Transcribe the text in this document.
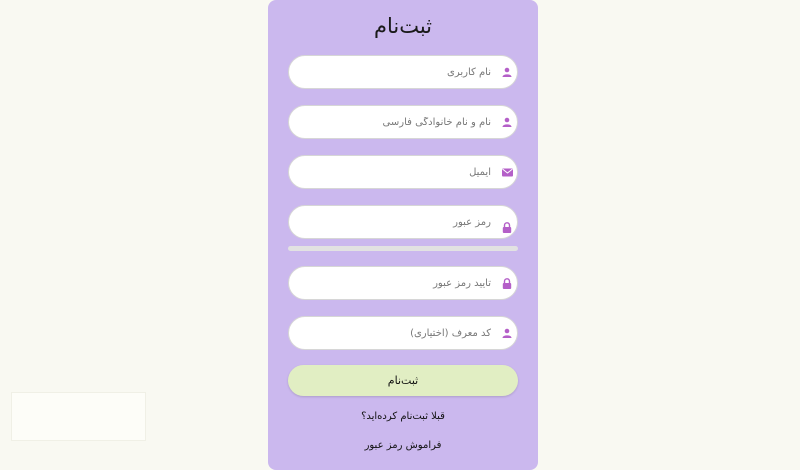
ثبت‌نام
نام کاربری
نام و نام خانوادگی فارسی
ایمیل
کد معرف (اختیاری)
ثبت‌نام
قبلا ثبت‌نام کرده‌اید؟
فراموش رمز عبور
